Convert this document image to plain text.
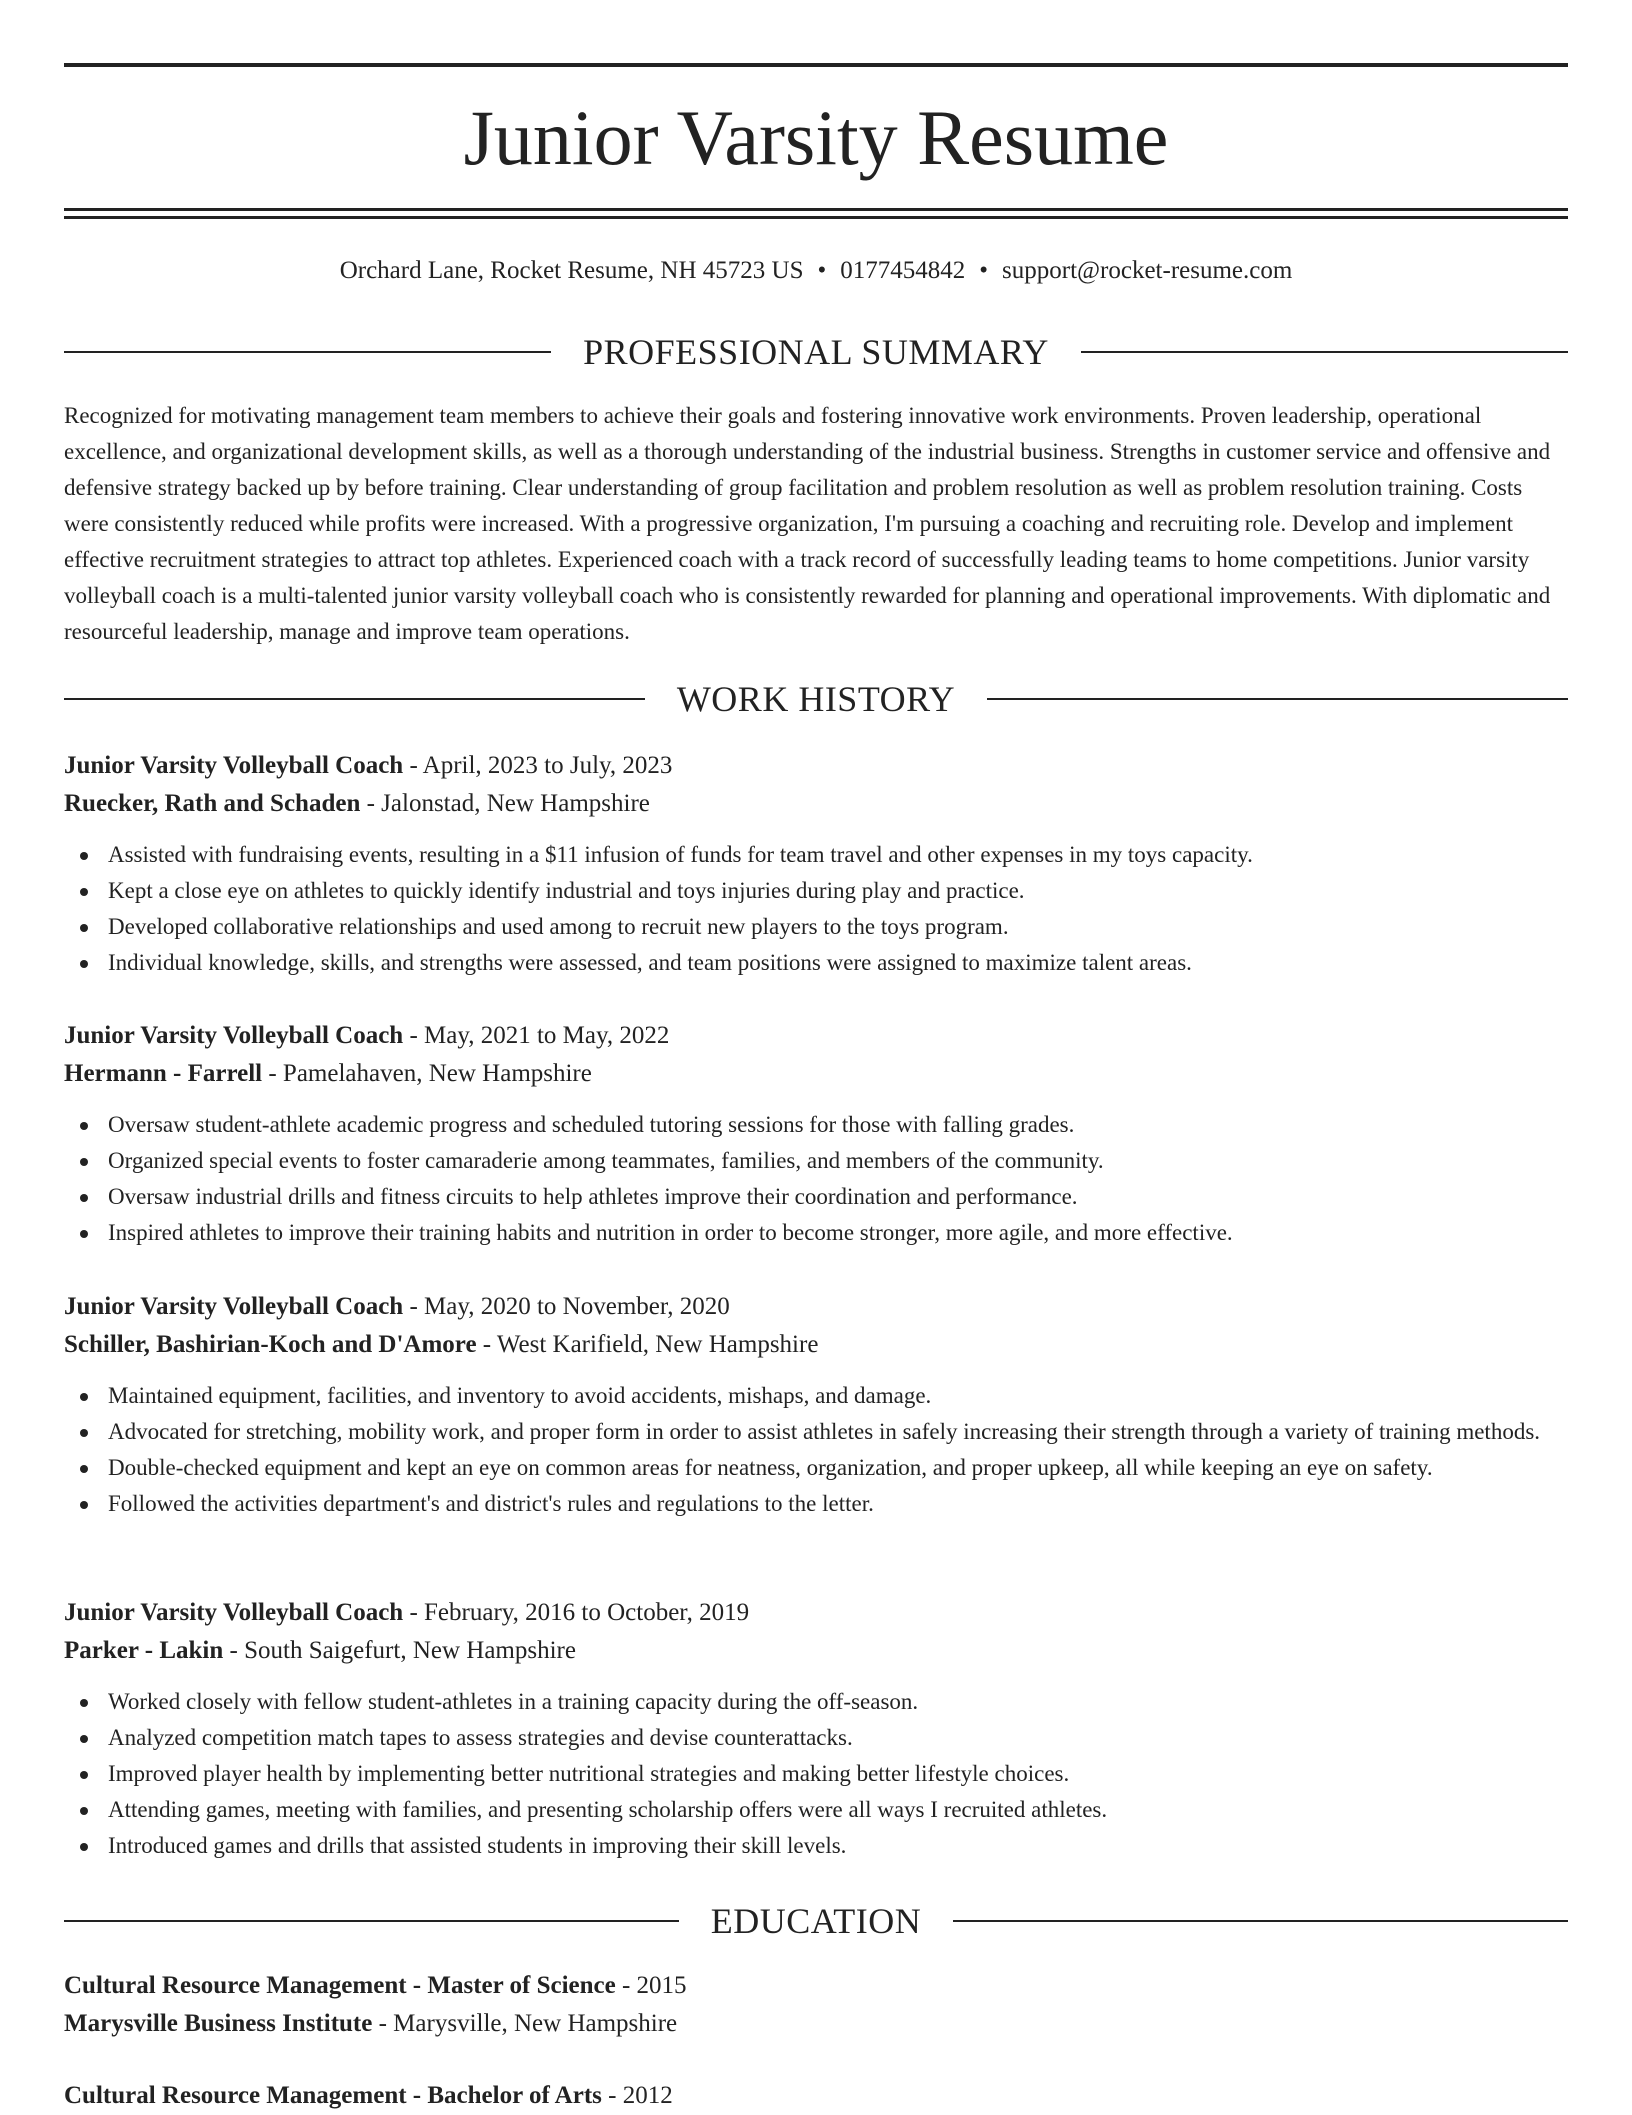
Junior Varsity Resume
Orchard Lane, Rocket Resume, NH 45723 US • 0177454842 • support@rocket-resume.com
PROFESSIONAL SUMMARY

Recognized for motivating management team members to achieve their goals and fostering innovative work environments. Proven leadership, operational excellence, and organizational development skills, as well as a thorough understanding of the industrial business. Strengths in customer service and offensive and defensive strategy backed up by before training. Clear understanding of group facilitation and problem resolution as well as problem resolution training. Costs were consistently reduced while profits were increased. With a progressive organization, I'm pursuing a coaching and recruiting role. Develop and implement effective recruitment strategies to attract top athletes. Experienced coach with a track record of successfully leading teams to home competitions. Junior varsity volleyball coach is a multi-talented junior varsity volleyball coach who is consistently rewarded for planning and operational improvements. With diplomatic and resourceful leadership, manage and improve team operations.

WORK HISTORY
Junior Varsity Volleyball Coach - April, 2023 to July, 2023
Ruecker, Rath and Schaden - Jalonstad, New Hampshire
Assisted with fundraising events, resulting in a $11 infusion of funds for team travel and other expenses in my toys capacity.
Kept a close eye on athletes to quickly identify industrial and toys injuries during play and practice.
Developed collaborative relationships and used among to recruit new players to the toys program.
Individual knowledge, skills, and strengths were assessed, and team positions were assigned to maximize talent areas.
Junior Varsity Volleyball Coach - May, 2021 to May, 2022
Hermann - Farrell - Pamelahaven, New Hampshire
Oversaw student-athlete academic progress and scheduled tutoring sessions for those with falling grades.
Organized special events to foster camaraderie among teammates, families, and members of the community.
Oversaw industrial drills and fitness circuits to help athletes improve their coordination and performance.
Inspired athletes to improve their training habits and nutrition in order to become stronger, more agile, and more effective.
Junior Varsity Volleyball Coach - May, 2020 to November, 2020
Schiller, Bashirian-Koch and D'Amore - West Karifield, New Hampshire
Maintained equipment, facilities, and inventory to avoid accidents, mishaps, and damage.
Advocated for stretching, mobility work, and proper form in order to assist athletes in safely increasing their strength through a variety of training methods.
Double-checked equipment and kept an eye on common areas for neatness, organization, and proper upkeep, all while keeping an eye on safety.
Followed the activities department's and district's rules and regulations to the letter.
Junior Varsity Volleyball Coach - February, 2016 to October, 2019
Parker - Lakin - South Saigefurt, New Hampshire
Worked closely with fellow student-athletes in a training capacity during the off-season.
Analyzed competition match tapes to assess strategies and devise counterattacks.
Improved player health by implementing better nutritional strategies and making better lifestyle choices.
Attending games, meeting with families, and presenting scholarship offers were all ways I recruited athletes.
Introduced games and drills that assisted students in improving their skill levels.
EDUCATION
Cultural Resource Management - Master of Science - 2015
Marysville Business Institute - Marysville, New Hampshire
Cultural Resource Management - Bachelor of Arts - 2012
